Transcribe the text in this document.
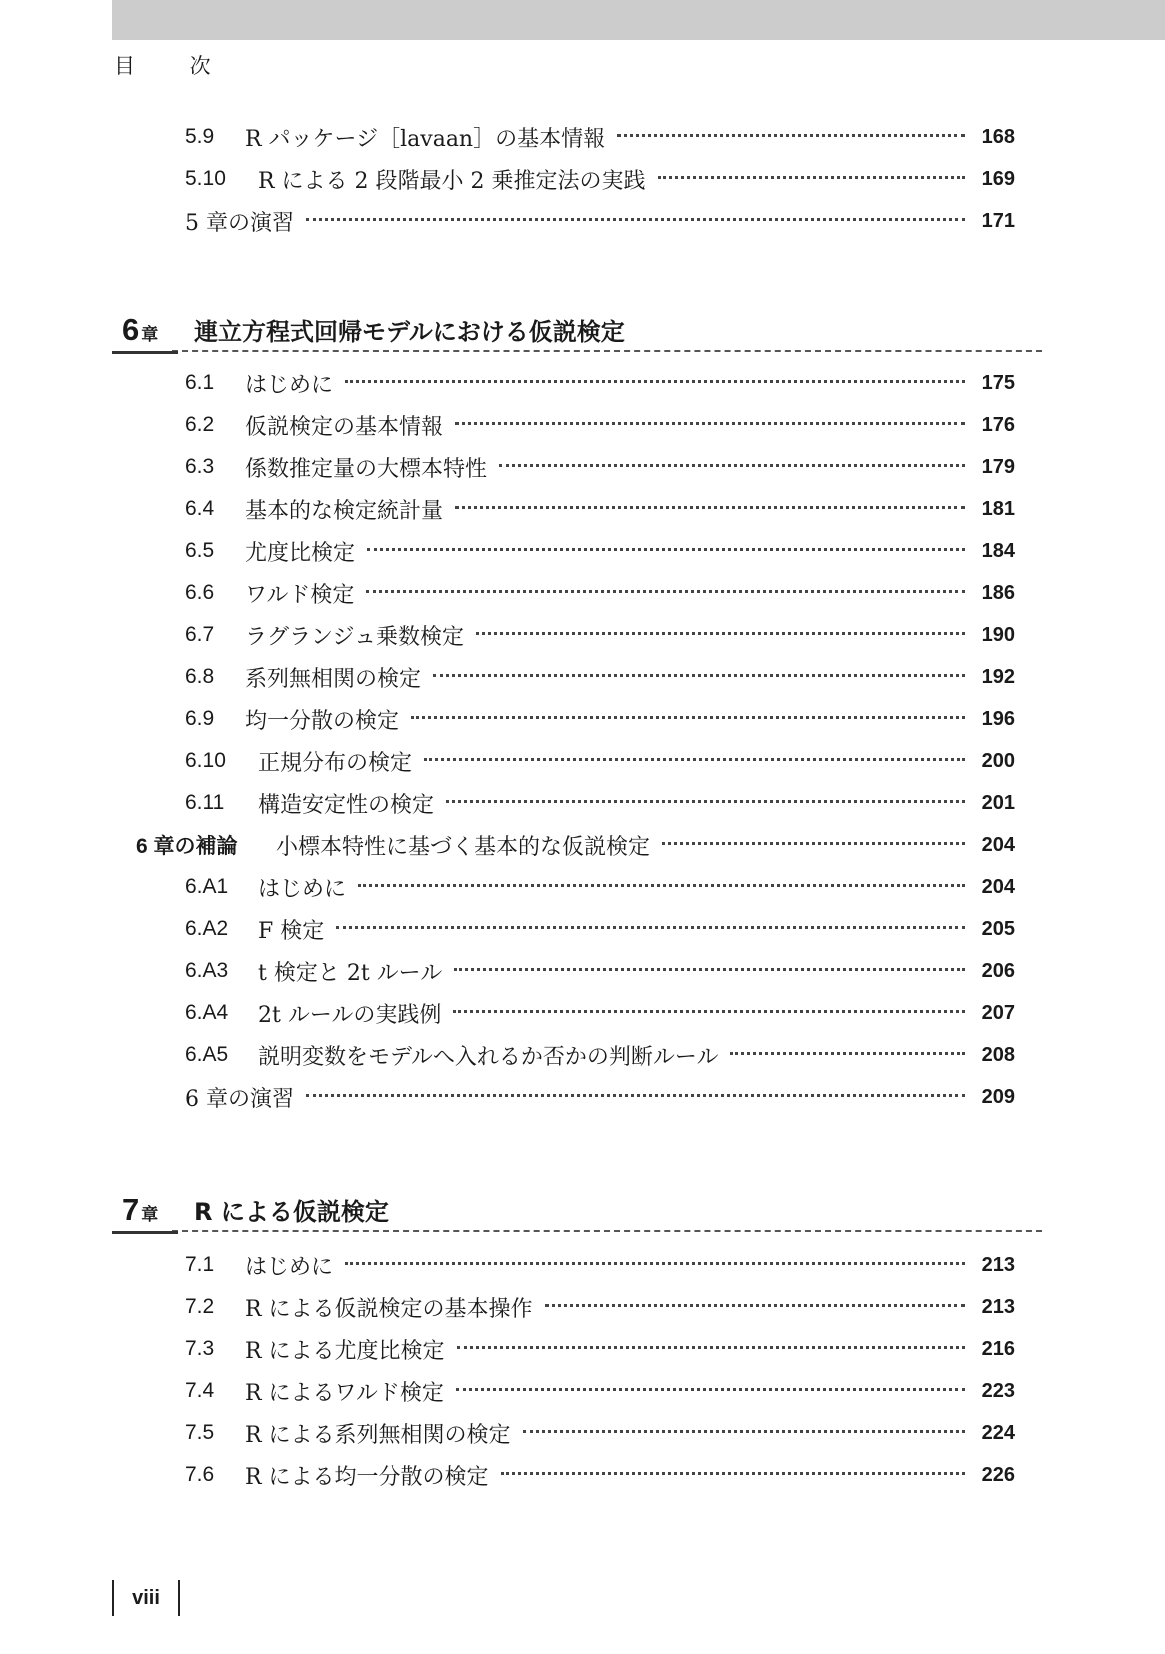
目 次
5.9	R パッケージ［lavaan］の基本情報	168
5.10	R による 2 段階最小 2 乗推定法の実践	169
5 章の演習	171
6 章 連立方程式回帰モデルにおける仮説検定
6.1	はじめに	175
6.2	仮説検定の基本情報	176
6.3	係数推定量の大標本特性	179
6.4	基本的な検定統計量	181
6.5	尤度比検定	184
6.6	ワルド検定	186
6.7	ラグランジュ乗数検定	190
6.8	系列無相関の検定	192
6.9	均一分散の検定	196
6.10	正規分布の検定	200
6.11	構造安定性の検定	201
6 章の補論	小標本特性に基づく基本的な仮説検定	204
6.A1	はじめに	204
6.A2	F 検定	205
6.A3	t 検定と 2t ルール	206
6.A4	2t ルールの実践例	207
6.A5	説明変数をモデルへ入れるか否かの判断ルール	208
6 章の演習	209
7 章 R による仮説検定
7.1	はじめに	213
7.2	R による仮説検定の基本操作	213
7.3	R による尤度比検定	216
7.4	R によるワルド検定	223
7.5	R による系列無相関の検定	224
7.6	R による均一分散の検定	226
viii
